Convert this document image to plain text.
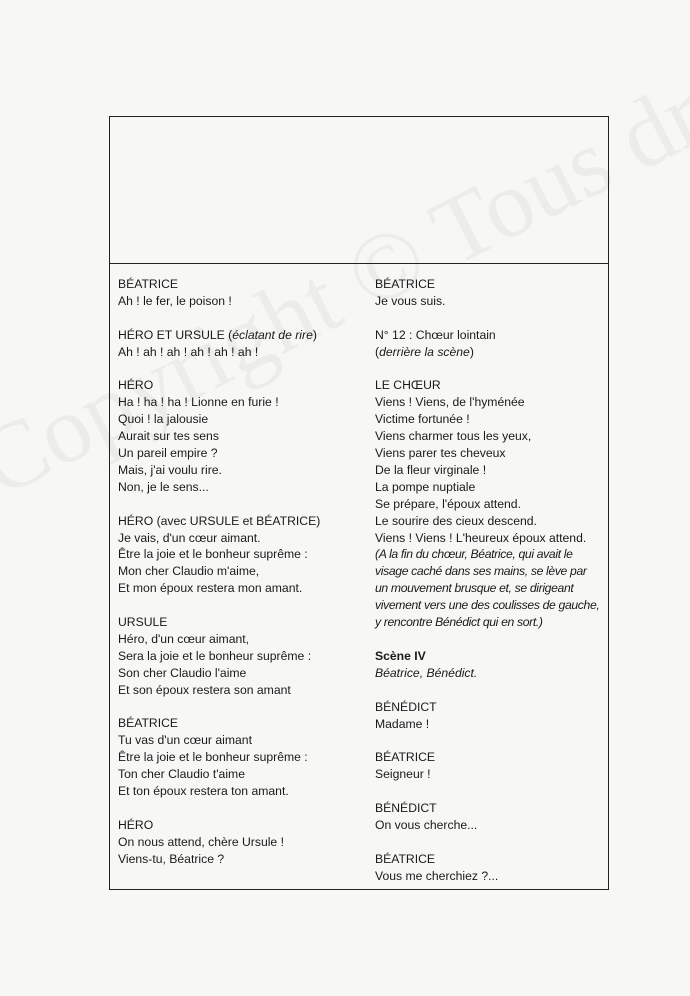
BÉATRICE
Ah ! le fer, le poison !
HÉRO ET URSULE (éclatant de rire)
Ah ! ah ! ah ! ah ! ah ! ah !
HÉRO
Ha ! ha ! ha ! Lionne en furie !
Quoi ! la jalousie
Aurait sur tes sens
Un pareil empire ?
Mais, j'ai voulu rire.
Non, je le sens...
HÉRO (avec URSULE et BÉATRICE)
Je vais, d'un cœur aimant.
Être la joie et le bonheur suprême :
Mon cher Claudio m'aime,
Et mon époux restera mon amant.
URSULE
Héro, d'un cœur aimant,
Sera la joie et le bonheur suprême :
Son cher Claudio l'aime
Et son époux restera son amant
BÉATRICE
Tu vas d'un cœur aimant
Être la joie et le bonheur suprême :
Ton cher Claudio t'aime
Et ton époux restera ton amant.
HÉRO
On nous attend, chère Ursule !
Viens-tu, Béatrice ?
BÉATRICE
Je vous suis.
N° 12 : Chœur lointain
(derrière la scène)
LE CHŒUR
Viens ! Viens, de l'hyménée
Victime fortunée !
Viens charmer tous les yeux,
Viens parer tes cheveux
De la fleur virginale !
La pompe nuptiale
Se prépare, l'époux attend.
Le sourire des cieux descend.
Viens ! Viens ! L'heureux époux attend.
(A la fin du chœur, Béatrice, qui avait le
visage caché dans ses mains, se lève par
un mouvement brusque et, se dirigeant
vivement vers une des coulisses de gauche,
y rencontre Bénédict qui en sort.)
Scène IV
Béatrice, Bénédict.
BÉNÉDICT
Madame !
BÉATRICE
Seigneur !
BÉNÉDICT
On vous cherche...
BÉATRICE
Vous me cherchiez ?...
